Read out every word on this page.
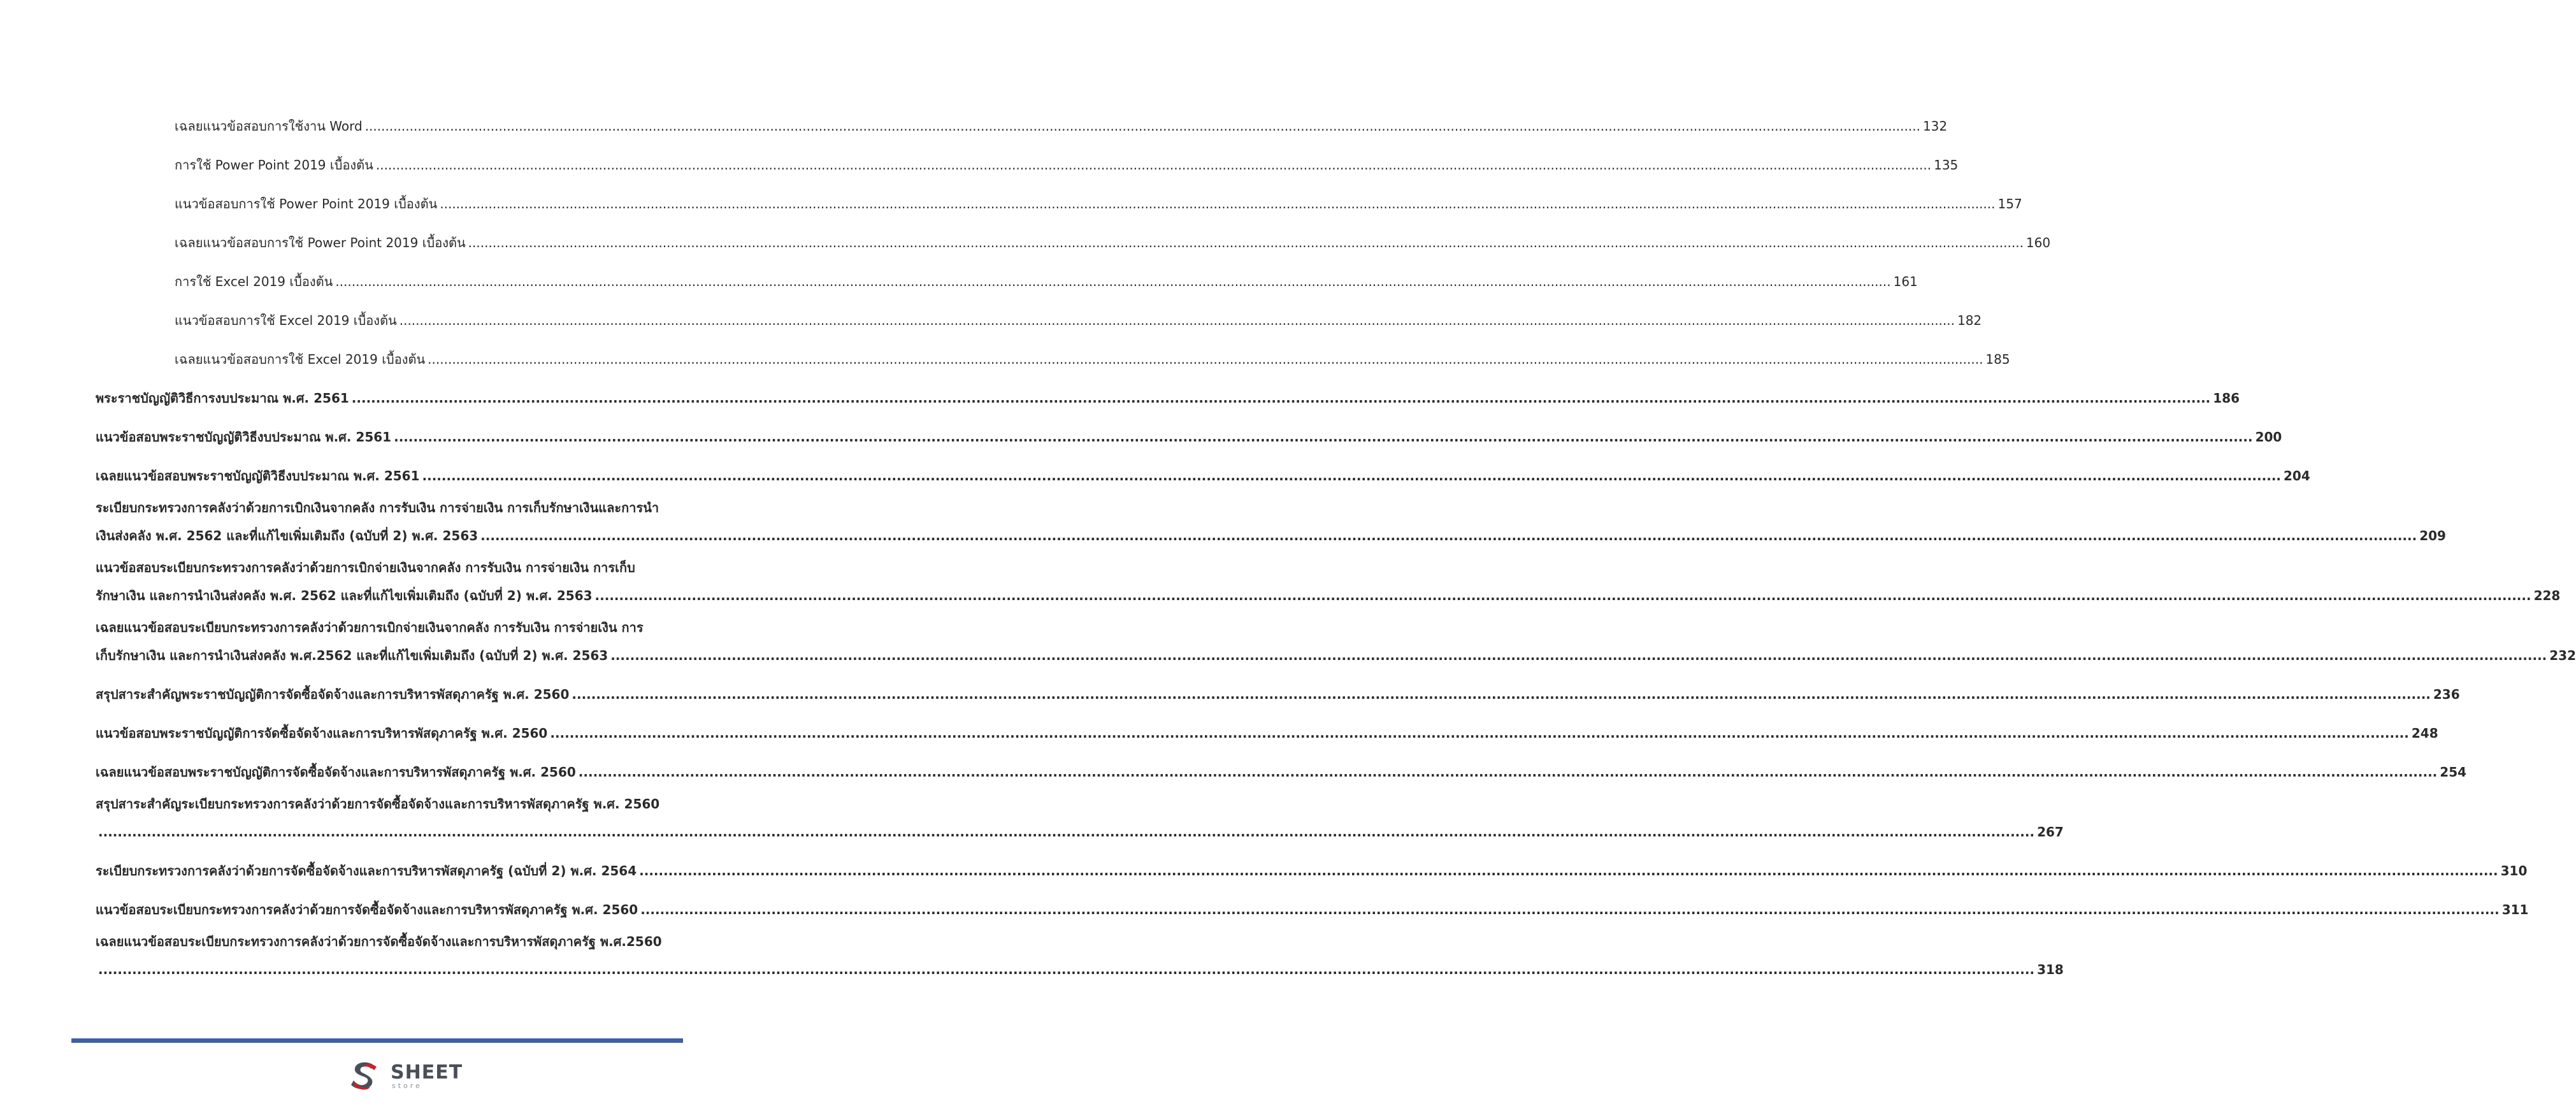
เฉลยแนวข้อสอบการใช้งาน Word .....	132
การใช้ Power Point 2019 เบื้องต้น .....	135
แนวข้อสอบการใช้ Power Point 2019 เบื้องต้น .....	157
เฉลยแนวข้อสอบการใช้ Power Point 2019 เบื้องต้น .....	160
การใช้ Excel 2019 เบื้องต้น .....	161
แนวข้อสอบการใช้ Excel 2019 เบื้องต้น .....	182
เฉลยแนวข้อสอบการใช้ Excel 2019 เบื้องต้น .....	185
พระราชบัญญัติวิธีการงบประมาณ พ.ศ. 2561 .....	186
แนวข้อสอบพระราชบัญญัติวิธีงบประมาณ พ.ศ. 2561 .....	200
เฉลยแนวข้อสอบพระราชบัญญัติวิธีงบประมาณ พ.ศ. 2561 .....	204
ระเบียบกระทรวงการคลังว่าด้วยการเบิกเงินจากคลัง การรับเงิน การจ่ายเงิน การเก็บรักษาเงินและการนำ
เงินส่งคลัง พ.ศ. 2562 และที่แก้ไขเพิ่มเติมถึง (ฉบับที่ 2) พ.ศ. 2563 ................................................................................................................................................................................................................................................................................................................................................................................................................ 209
แนวข้อสอบระเบียบกระทรวงการคลังว่าด้วยการเบิกจ่ายเงินจากคลัง การรับเงิน การจ่ายเงิน การเก็บ
รักษาเงิน และการนำเงินส่งคลัง พ.ศ. 2562 และที่แก้ไขเพิ่มเติมถึง (ฉบับที่ 2) พ.ศ. 2563 ................................................................................................................................................................................................................................................................................................................................................................................................................ 228
เฉลยแนวข้อสอบระเบียบกระทรวงการคลังว่าด้วยการเบิกจ่ายเงินจากคลัง การรับเงิน การจ่ายเงิน การ
เก็บรักษาเงิน และการนำเงินส่งคลัง พ.ศ.2562 และที่แก้ไขเพิ่มเติมถึง (ฉบับที่ 2) พ.ศ. 2563 ................................................................................................................................................................................................................................................................................................................................................................................................................ 232
สรุปสาระสำคัญพระราชบัญญัติการจัดซื้อจัดจ้างและการบริหารพัสดุภาครัฐ พ.ศ. 2560 .....	236
แนวข้อสอบพระราชบัญญัติการจัดซื้อจัดจ้างและการบริหารพัสดุภาครัฐ พ.ศ. 2560 .....	248
เฉลยแนวข้อสอบพระราชบัญญัติการจัดซื้อจัดจ้างและการบริหารพัสดุภาครัฐ พ.ศ. 2560 .....	254
สรุปสาระสำคัญระเบียบกระทรวงการคลังว่าด้วยการจัดซื้อจัดจ้างและการบริหารพัสดุภาครัฐ พ.ศ. 2560
................................................................................................................................................................................................................................................................................................................................................................................................................ 267
ระเบียบกระทรวงการคลังว่าด้วยการจัดซื้อจัดจ้างและการบริหารพัสดุภาครัฐ (ฉบับที่ 2) พ.ศ. 2564 .....	310
แนวข้อสอบระเบียบกระทรวงการคลังว่าด้วยการจัดซื้อจัดจ้างและการบริหารพัสดุภาครัฐ พ.ศ. 2560 .....	311
เฉลยแนวข้อสอบระเบียบกระทรวงการคลังว่าด้วยการจัดซื้อจัดจ้างและการบริหารพัสดุภาครัฐ พ.ศ.2560
................................................................................................................................................................................................................................................................................................................................................................................................................ 318
SHEET
store
